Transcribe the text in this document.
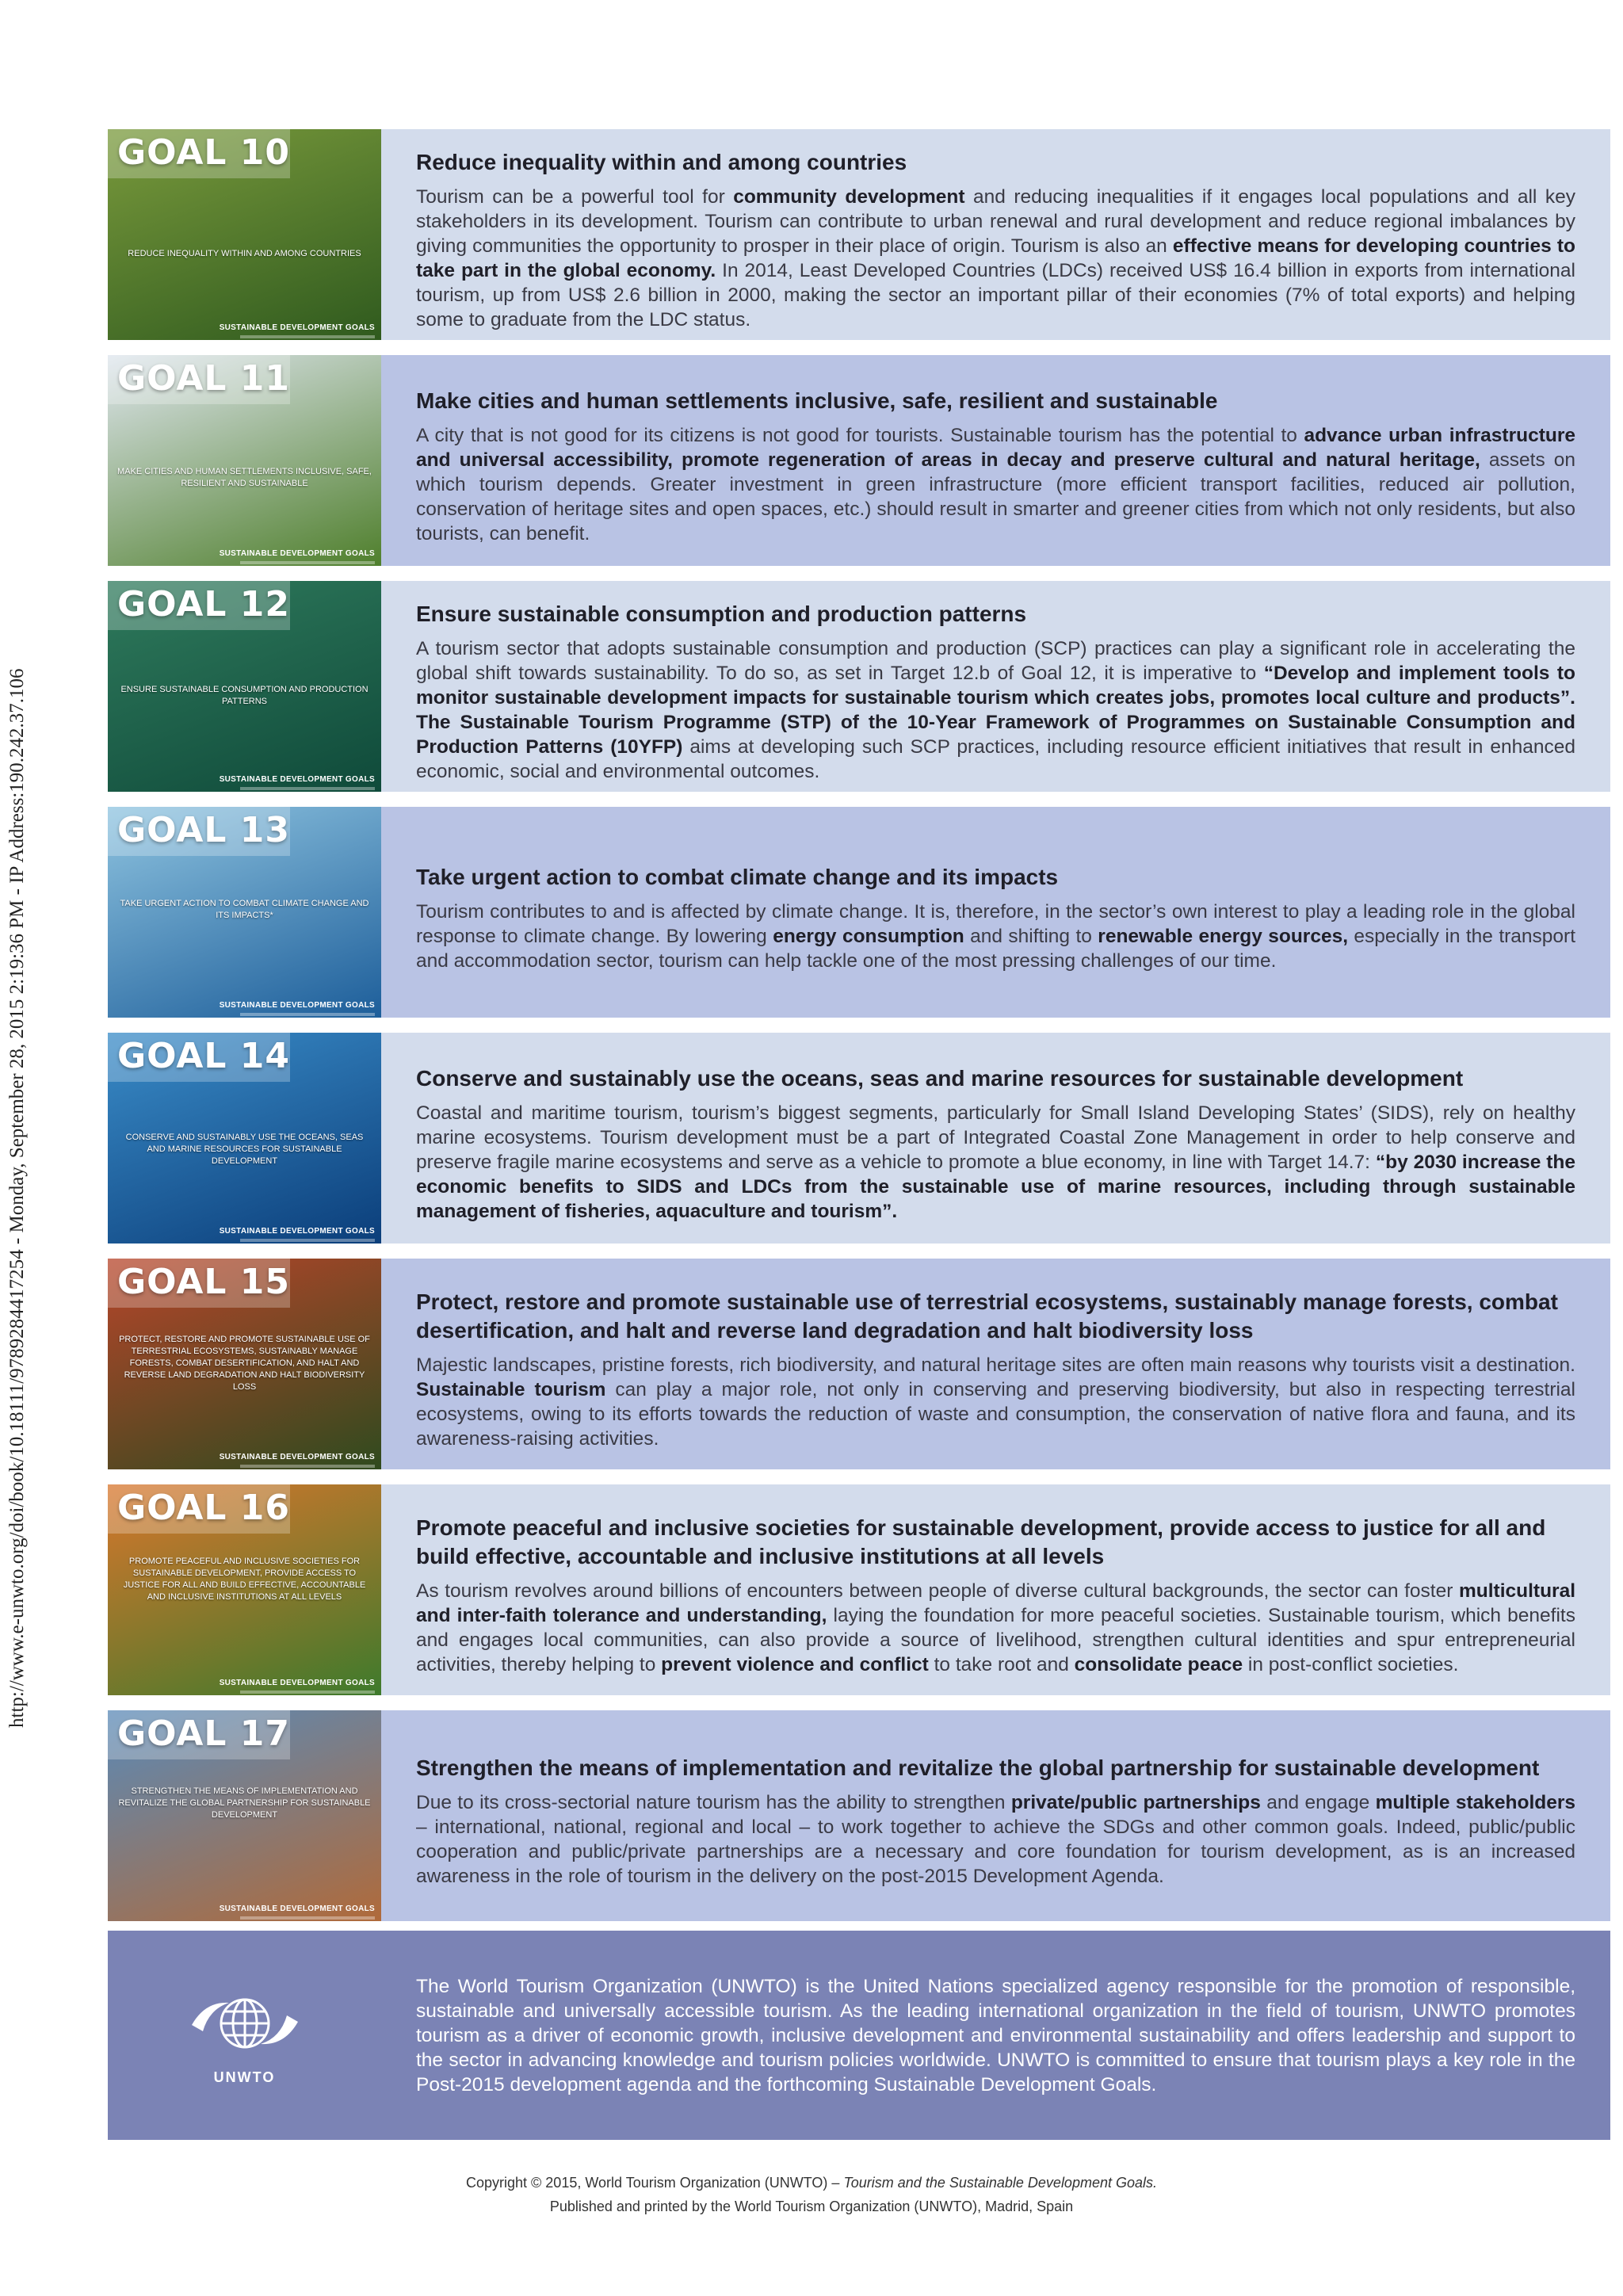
http://www.e-unwto.org/doi/book/10.18111/9789284417254 - Monday, September 28, 2015 2:19:36 PM - IP Address:190.242.37.106
GOAL 10
REDUCE INEQUALITY WITHIN AND AMONG COUNTRIES
SUSTAINABLE DEVELOPMENT GOALS
Reduce inequality within and among countries
Tourism can be a powerful tool for community development and reducing inequalities if it engages local populations and all key stakeholders in its development. Tourism can contribute to urban renewal and rural development and reduce regional imbalances by giving communities the opportunity to prosper in their place of origin. Tourism is also an effective means for developing countries to take part in the global economy. In 2014, Least Developed Countries (LDCs) received US$ 16.4 billion in exports from international tourism, up from US$ 2.6 billion in 2000, making the sector an important pillar of their economies (7% of total exports) and helping some to graduate from the LDC status.
GOAL 11
MAKE CITIES AND HUMAN SETTLEMENTS INCLUSIVE, SAFE, RESILIENT AND SUSTAINABLE
SUSTAINABLE DEVELOPMENT GOALS
Make cities and human settlements inclusive, safe, resilient and sustainable
A city that is not good for its citizens is not good for tourists. Sustainable tourism has the potential to advance urban infrastructure and universal accessibility, promote regeneration of areas in decay and preserve cultural and natural heritage, assets on which tourism depends. Greater investment in green infrastructure (more efficient transport facilities, reduced air pollution, conservation of heritage sites and open spaces, etc.) should result in smarter and greener cities from which not only residents, but also tourists, can benefit.
GOAL 12
ENSURE SUSTAINABLE CONSUMPTION AND PRODUCTION PATTERNS
SUSTAINABLE DEVELOPMENT GOALS
Ensure sustainable consumption and production patterns
A tourism sector that adopts sustainable consumption and production (SCP) practices can play a significant role in accelerating the global shift towards sustainability. To do so, as set in Target 12.b of Goal 12, it is imperative to “Develop and implement tools to monitor sustainable development impacts for sustainable tourism which creates jobs, promotes local culture and products”. The Sustainable Tourism Programme (STP) of the 10-Year Framework of Programmes on Sustainable Consumption and Production Patterns (10YFP) aims at developing such SCP practices, including resource efficient initiatives that result in enhanced economic, social and environmental outcomes.
GOAL 13
TAKE URGENT ACTION TO COMBAT CLIMATE CHANGE AND ITS IMPACTS*
SUSTAINABLE DEVELOPMENT GOALS
Take urgent action to combat climate change and its impacts
Tourism contributes to and is affected by climate change. It is, therefore, in the sector’s own interest to play a leading role in the global response to climate change. By lowering energy consumption and shifting to renewable energy sources, especially in the transport and accommodation sector, tourism can help tackle one of the most pressing challenges of our time.
GOAL 14
CONSERVE AND SUSTAINABLY USE THE OCEANS, SEAS AND MARINE RESOURCES FOR SUSTAINABLE DEVELOPMENT
SUSTAINABLE DEVELOPMENT GOALS
Conserve and sustainably use the oceans, seas and marine resources for sustainable development
Coastal and maritime tourism, tourism’s biggest segments, particularly for Small Island Developing States’ (SIDS), rely on healthy marine ecosystems. Tourism development must be a part of Integrated Coastal Zone Management in order to help conserve and preserve fragile marine ecosystems and serve as a vehicle to promote a blue economy, in line with Target 14.7: “by 2030 increase the economic benefits to SIDS and LDCs from the sustainable use of marine resources, including through sustainable management of fisheries, aquaculture and tourism”.
GOAL 15
PROTECT, RESTORE AND PROMOTE SUSTAINABLE USE OF TERRESTRIAL ECOSYSTEMS, SUSTAINABLY MANAGE FORESTS, COMBAT DESERTIFICATION, AND HALT AND REVERSE LAND DEGRADATION AND HALT BIODIVERSITY LOSS
SUSTAINABLE DEVELOPMENT GOALS
Protect, restore and promote sustainable use of terrestrial ecosystems, sustainably manage forests, combat desertification, and halt and reverse land degradation and halt biodiversity loss
Majestic landscapes, pristine forests, rich biodiversity, and natural heritage sites are often main reasons why tourists visit a destination. Sustainable tourism can play a major role, not only in conserving and preserving biodiversity, but also in respecting terrestrial ecosystems, owing to its efforts towards the reduction of waste and consumption, the conservation of native flora and fauna, and its awareness-raising activities.
GOAL 16
PROMOTE PEACEFUL AND INCLUSIVE SOCIETIES FOR SUSTAINABLE DEVELOPMENT, PROVIDE ACCESS TO JUSTICE FOR ALL AND BUILD EFFECTIVE, ACCOUNTABLE AND INCLUSIVE INSTITUTIONS AT ALL LEVELS
SUSTAINABLE DEVELOPMENT GOALS
Promote peaceful and inclusive societies for sustainable development, provide access to justice for all and build effective, accountable and inclusive institutions at all levels
As tourism revolves around billions of encounters between people of diverse cultural backgrounds, the sector can foster multicultural and inter-faith tolerance and understanding, laying the foundation for more peaceful societies. Sustainable tourism, which benefits and engages local communities, can also provide a source of livelihood, strengthen cultural identities and spur entrepreneurial activities, thereby helping to prevent violence and conflict to take root and consolidate peace in post-conflict societies.
GOAL 17
STRENGTHEN THE MEANS OF IMPLEMENTATION AND REVITALIZE THE GLOBAL PARTNERSHIP FOR SUSTAINABLE DEVELOPMENT
SUSTAINABLE DEVELOPMENT GOALS
Strengthen the means of implementation and revitalize the global partnership for sustainable development
Due to its cross-sectorial nature tourism has the ability to strengthen private/public partnerships and engage multiple stakeholders – international, national, regional and local – to work together to achieve the SDGs and other common goals. Indeed, public/public cooperation and public/private partnerships are a necessary and core foundation for tourism development, as is an increased awareness in the role of tourism in the delivery on the post-2015 Development Agenda.
UNWTO
The World Tourism Organization (UNWTO) is the United Nations specialized agency responsible for the promotion of responsible, sustainable and universally accessible tourism. As the leading international organization in the field of tourism, UNWTO promotes tourism as a driver of economic growth, inclusive development and environmental sustainability and offers leadership and support to the sector in advancing knowledge and tourism policies worldwide. UNWTO is committed to ensure that tourism plays a key role in the Post-2015 development agenda and the forthcoming Sustainable Development Goals.
Copyright © 2015, World Tourism Organization (UNWTO) – Tourism and the Sustainable Development Goals.
Published and printed by the World Tourism Organization (UNWTO), Madrid, Spain
